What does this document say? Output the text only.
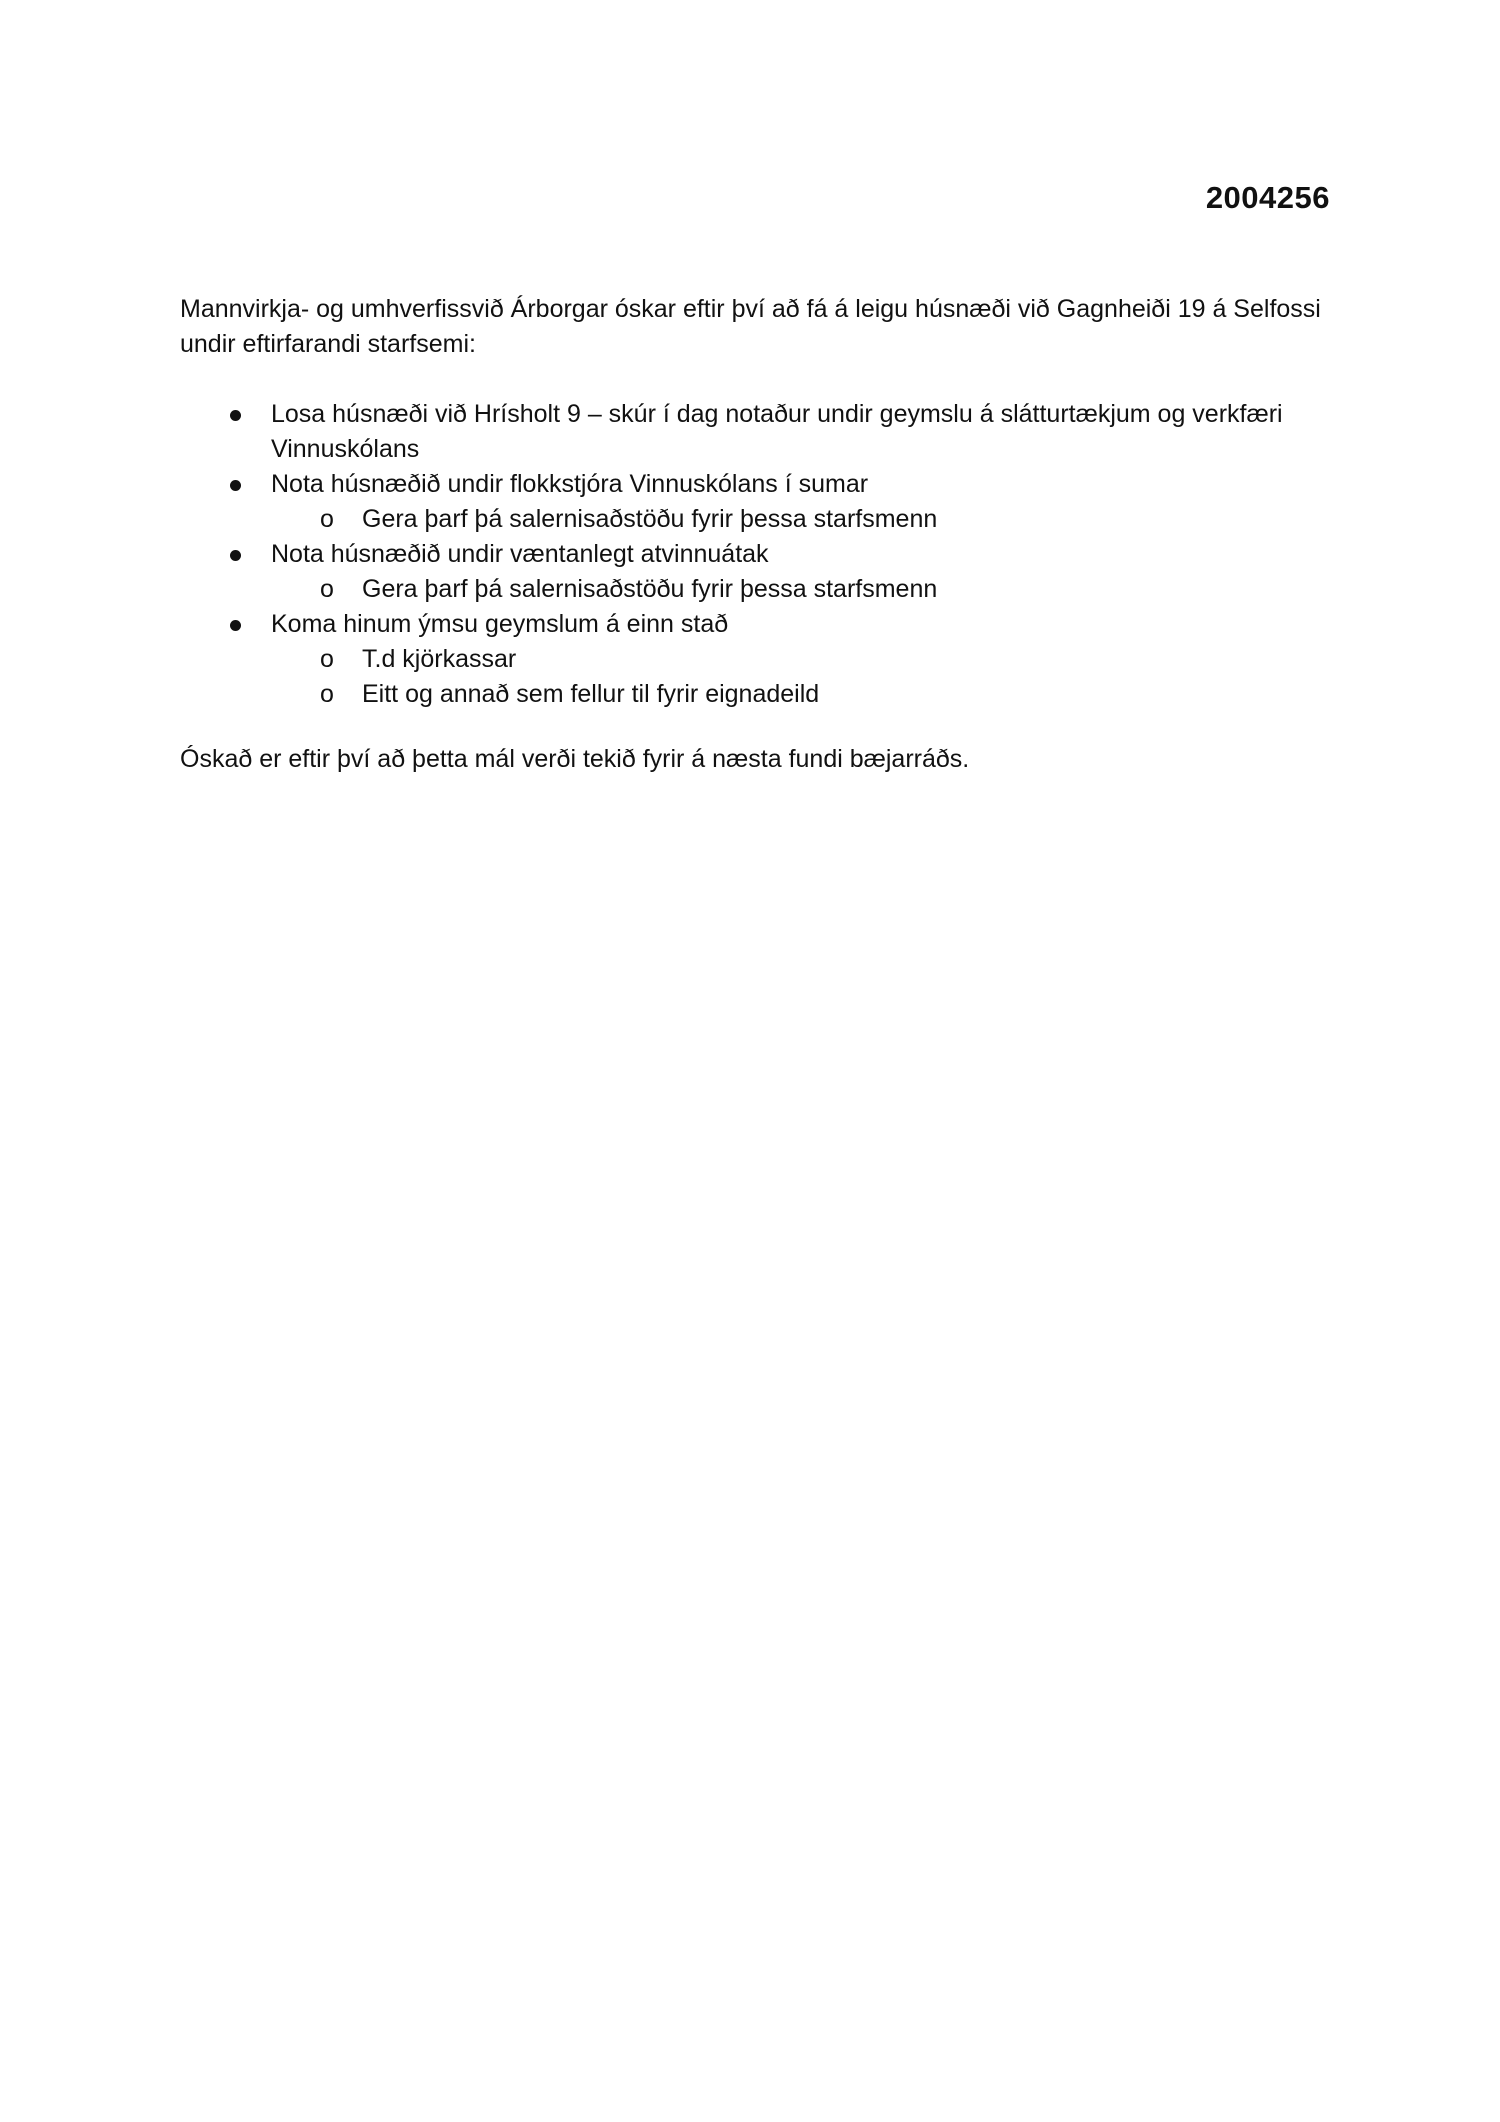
2004256
Mannvirkja- og umhverfissvið Árborgar óskar eftir því að fá á leigu húsnæði við Gagnheiði 19 á Selfossi undir eftirfarandi starfsemi:
Losa húsnæði við Hrísholt 9 – skúr í dag notaður undir geymslu á slátturtækjum og verkfæri Vinnuskólans
Nota húsnæðið undir flokkstjóra Vinnuskólans í sumar
o Gera þarf þá salernisaðstöðu fyrir þessa starfsmenn
Nota húsnæðið undir væntanlegt atvinnuátak
o Gera þarf þá salernisaðstöðu fyrir þessa starfsmenn
Koma hinum ýmsu geymslum á einn stað
o T.d kjörkassar
o Eitt og annað sem fellur til fyrir eignadeild
Óskað er eftir því að þetta mál verði tekið fyrir á næsta fundi bæjarráðs.
